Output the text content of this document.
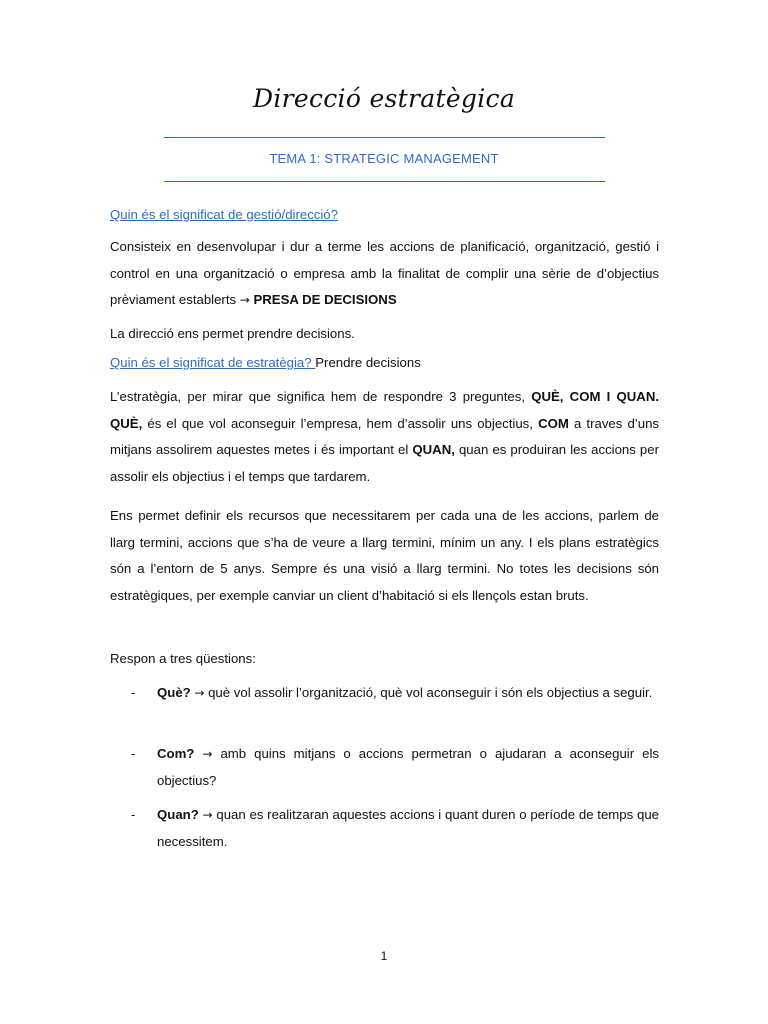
Direcció estratègica
TEMA 1: STRATEGIC MANAGEMENT
Quin és el significat de gestió/direcció?
Consisteix en desenvolupar i dur a terme les accions de planificació, organització, gestió i control en una organització o empresa amb la finalitat de complir una sèrie de d’objectius prèviament establerts → PRESA DE DECISIONS
La direcció ens permet prendre decisions.
Quin és el significat de estratègia? Prendre decisions
L’estratègia, per mirar que significa hem de respondre 3 preguntes, QUÈ, COM I QUAN. QUÈ, és el que vol aconseguir l’empresa, hem d’assolir uns objectius, COM a traves d’uns mitjans assolirem aquestes metes i és important el QUAN, quan es produiran les accions per assolir els objectius i el temps que tardarem.
Ens permet definir els recursos que necessitarem per cada una de les accions, parlem de llarg termini, accions que s’ha de veure a llarg termini, mínim un any. I els plans estratègics són a l’entorn de 5 anys. Sempre és una visió a llarg termini. No totes les decisions són estratègiques, per exemple canviar un client d’habitació si els llençols estan bruts.
Respon a tres qüestions:
- Què? → què vol assolir l’organització, què vol aconseguir i són els objectius a seguir.
- Com? → amb quins mitjans o accions permetran o ajudaran a aconseguir els objectius?
- Quan? → quan es realitzaran aquestes accions i quant duren o període de temps que necessitem.
1
